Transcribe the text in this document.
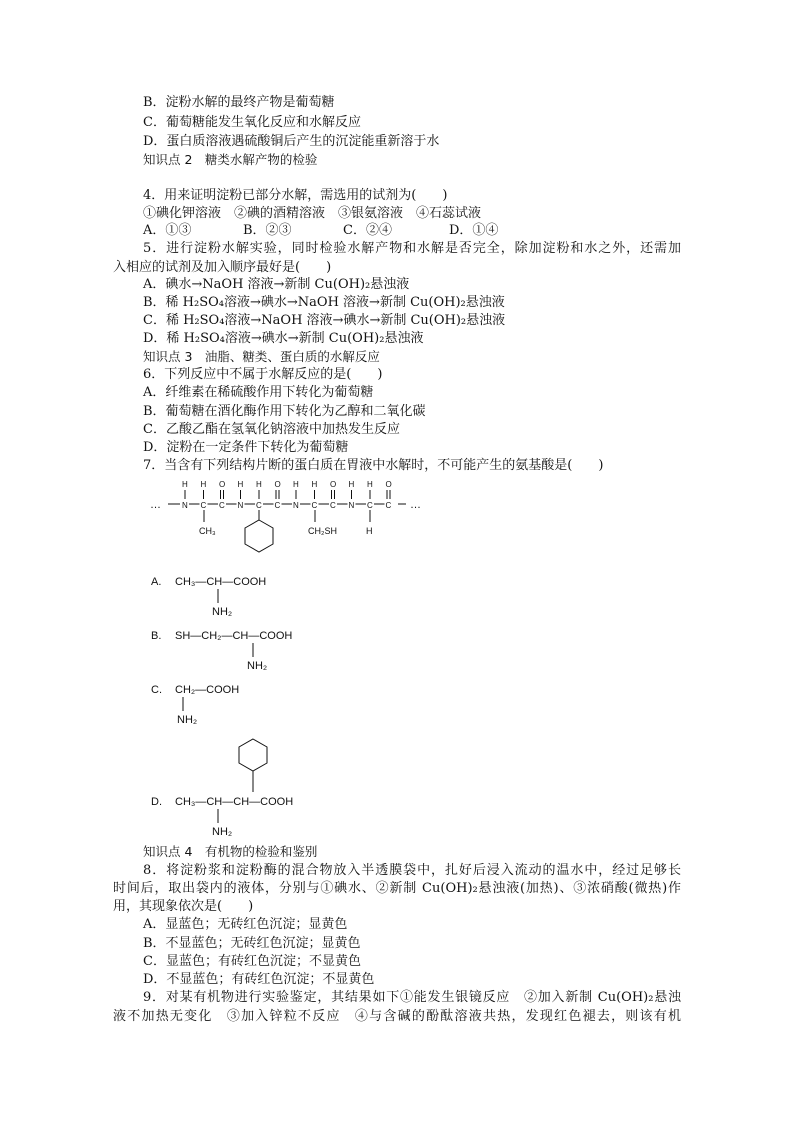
B．淀粉水解的最终产物是葡萄糖
C．葡萄糖能发生氧化反应和水解反应
D．蛋白质溶液遇硫酸铜后产生的沉淀能重新溶于水
知识点 2　糖类水解产物的检验
4．用来证明淀粉已部分水解，需选用的试剂为(　　)
①碘化钾溶液　②碘的酒精溶液　③银氨溶液　④石蕊试液
A．①③	B．②③	C．②④	D．①④
5．进行淀粉水解实验，同时检验水解产物和水解是否完全，除加淀粉和水之外，还需加
入相应的试剂及加入顺序最好是(　　)
A．碘水→NaOH 溶液→新制 Cu(OH)₂悬浊液
B．稀 H₂SO₄溶液→碘水→NaOH 溶液→新制 Cu(OH)₂悬浊液
C．稀 H₂SO₄溶液→NaOH 溶液→碘水→新制 Cu(OH)₂悬浊液
D．稀 H₂SO₄溶液→碘水→新制 Cu(OH)₂悬浊液
知识点 3　油脂、糖类、蛋白质的水解反应
6．下列反应中不属于水解反应的是(　　)
A．纤维素在稀硫酸作用下转化为葡萄糖
B．葡萄糖在酒化酶作用下转化为乙醇和二氧化碳
C．乙酸乙酯在氢氧化钠溶液中加热发生反应
D．淀粉在一定条件下转化为葡萄糖
7．当含有下列结构片断的蛋白质在胃液中水解时，不可能产生的氨基酸是(　　)
…	…
N
H
C
H
C
O
N
H
C
H
C
O
N
H
C
H
C
O
N
H
C
H
C
O
CH₃	CH₂SH	H
A. CH₃—CH—COOH
NH₂
B. SH—CH₂—CH—COOH
NH₂
C. CH₂—COOH
NH₂
D. CH₃—CH—CH—COOH
NH₂
知识点 4　有机物的检验和鉴别
8．将淀粉浆和淀粉酶的混合物放入半透膜袋中，扎好后浸入流动的温水中，经过足够长
时间后，取出袋内的液体，分别与①碘水、②新制 Cu(OH)₂悬浊液(加热)、③浓硝酸(微热)作
用，其现象依次是(　　)
A．显蓝色；无砖红色沉淀；显黄色
B．不显蓝色；无砖红色沉淀；显黄色
C．显蓝色；有砖红色沉淀；不显黄色
D．不显蓝色；有砖红色沉淀；不显黄色
9．对某有机物进行实验鉴定，其结果如下①能发生银镜反应　②加入新制 Cu(OH)₂悬浊
液不加热无变化　③加入锌粒不反应　④与含碱的酚酞溶液共热，发现红色褪去，则该有机
